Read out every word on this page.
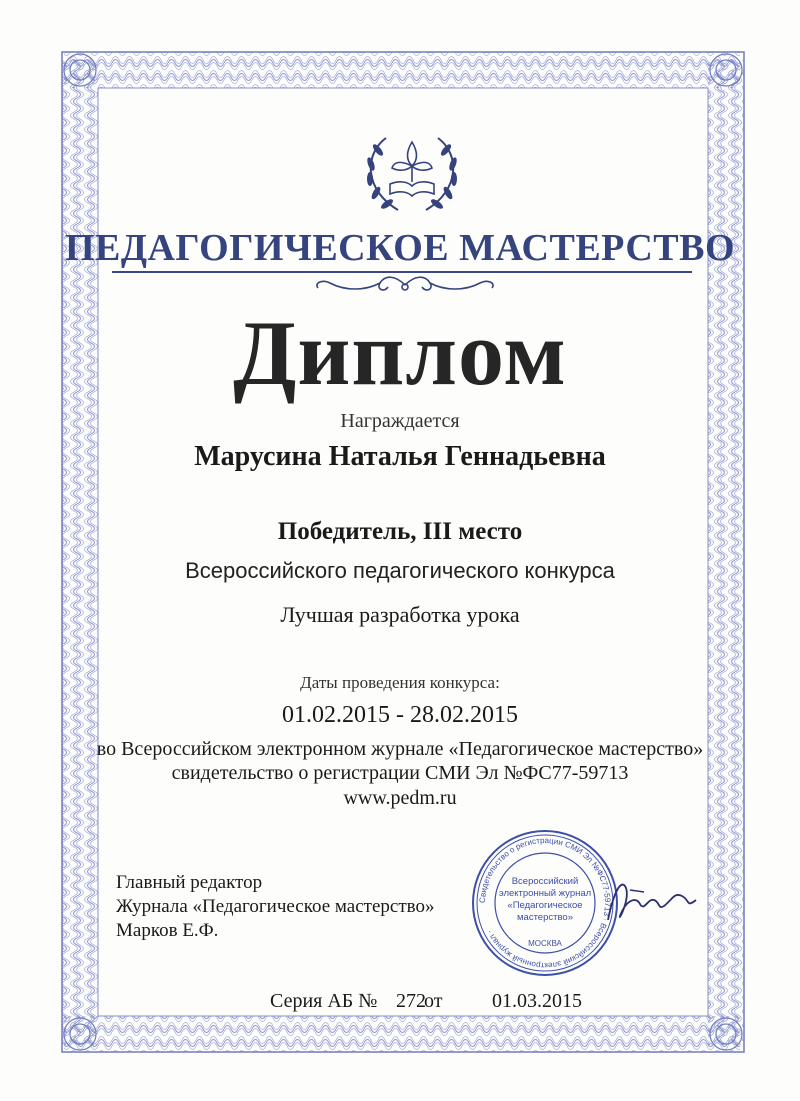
ПЕДАГОГИЧЕСКОЕ МАСТЕРСТВО
Диплом
Награждается
Марусина Наталья Геннадьевна
Победитель, III место
Всероссийского педагогического конкурса
Лучшая разработка урока
Даты проведения конкурса:
01.02.2015 - 28.02.2015
во Всероссийском электронном журнале «Педагогическое мастерство»
свидетельство о регистрации СМИ Эл №ФС77-59713
www.pedm.ru
Главный редактор
Журнала «Педагогическое мастерство»
Марков Е.Ф.
Свидетельство о регистрации СМИ Эл №ФС77-59713 · Всероссийский электронный журнал ·
Всероссийский
электронный журнал
«Педагогическое
мастерство»
МОСКВА
Серия АБ № 272
от 01.03.2015
